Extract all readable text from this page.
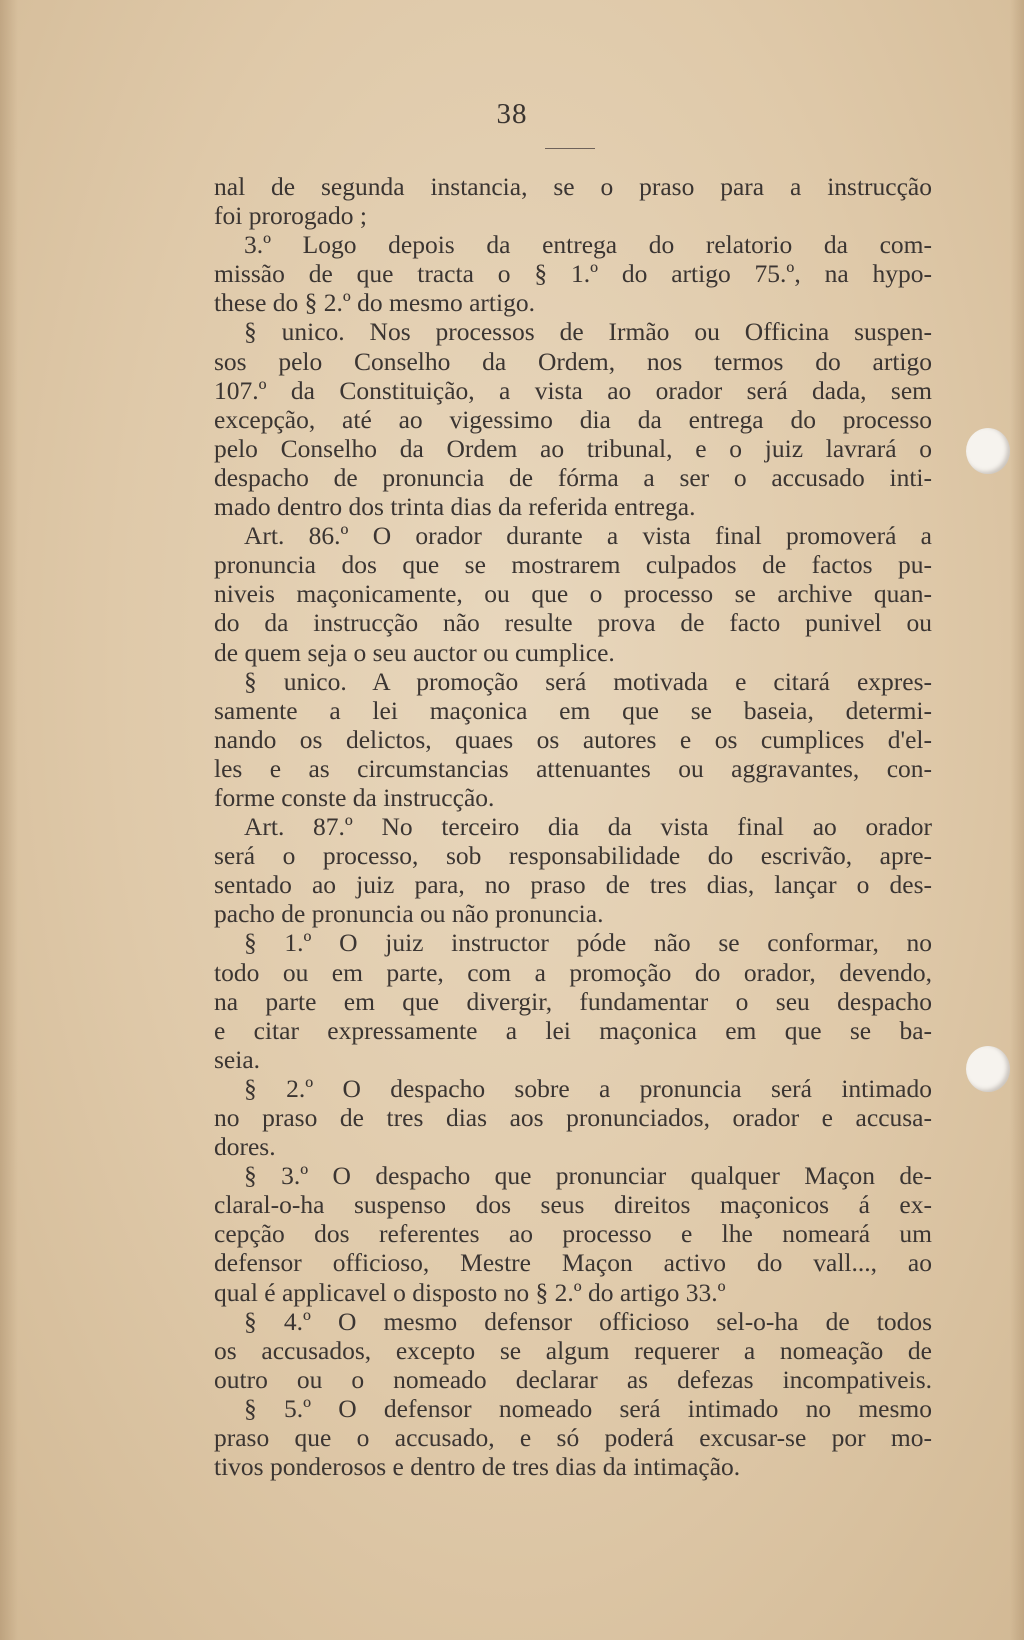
38
nal de segunda instancia, se o praso para a instrucção
foi prorogado ;
3.º Logo depois da entrega do relatorio da com-
missão de que tracta o § 1.º do artigo 75.º, na hypo-
these do § 2.º do mesmo artigo.
§ unico. Nos processos de Irmão ou Officina suspen-
sos pelo Conselho da Ordem, nos termos do artigo
107.º da Constituição, a vista ao orador será dada, sem
excepção, até ao vigessimo dia da entrega do processo
pelo Conselho da Ordem ao tribunal, e o juiz lavrará o
despacho de pronuncia de fórma a ser o accusado inti-
mado dentro dos trinta dias da referida entrega.
Art. 86.º O orador durante a vista final promoverá a
pronuncia dos que se mostrarem culpados de factos pu-
niveis maçonicamente, ou que o processo se archive quan-
do da instrucção não resulte prova de facto punivel ou
de quem seja o seu auctor ou cumplice.
§ unico. A promoção será motivada e citará expres-
samente a lei maçonica em que se baseia, determi-
nando os delictos, quaes os autores e os cumplices d'el-
les e as circumstancias attenuantes ou aggravantes, con-
forme conste da instrucção.
Art. 87.º No terceiro dia da vista final ao orador
será o processo, sob responsabilidade do escrivão, apre-
sentado ao juiz para, no praso de tres dias, lançar o des-
pacho de pronuncia ou não pronuncia.
§ 1.º O juiz instructor póde não se conformar, no
todo ou em parte, com a promoção do orador, devendo,
na parte em que divergir, fundamentar o seu despacho
e citar expressamente a lei maçonica em que se ba-
seia.
§ 2.º O despacho sobre a pronuncia será intimado
no praso de tres dias aos pronunciados, orador e accusa-
dores.
§ 3.º O despacho que pronunciar qualquer Maçon de-
claral-o-ha suspenso dos seus direitos maçonicos á ex-
cepção dos referentes ao processo e lhe nomeará um
defensor officioso, Mestre Maçon activo do vall..., ao
qual é applicavel o disposto no § 2.º do artigo 33.º
§ 4.º O mesmo defensor officioso sel-o-ha de todos
os accusados, excepto se algum requerer a nomeação de
outro ou o nomeado declarar as defezas incompativeis.
§ 5.º O defensor nomeado será intimado no mesmo
praso que o accusado, e só poderá excusar-se por mo-
tivos ponderosos e dentro de tres dias da intimação.
